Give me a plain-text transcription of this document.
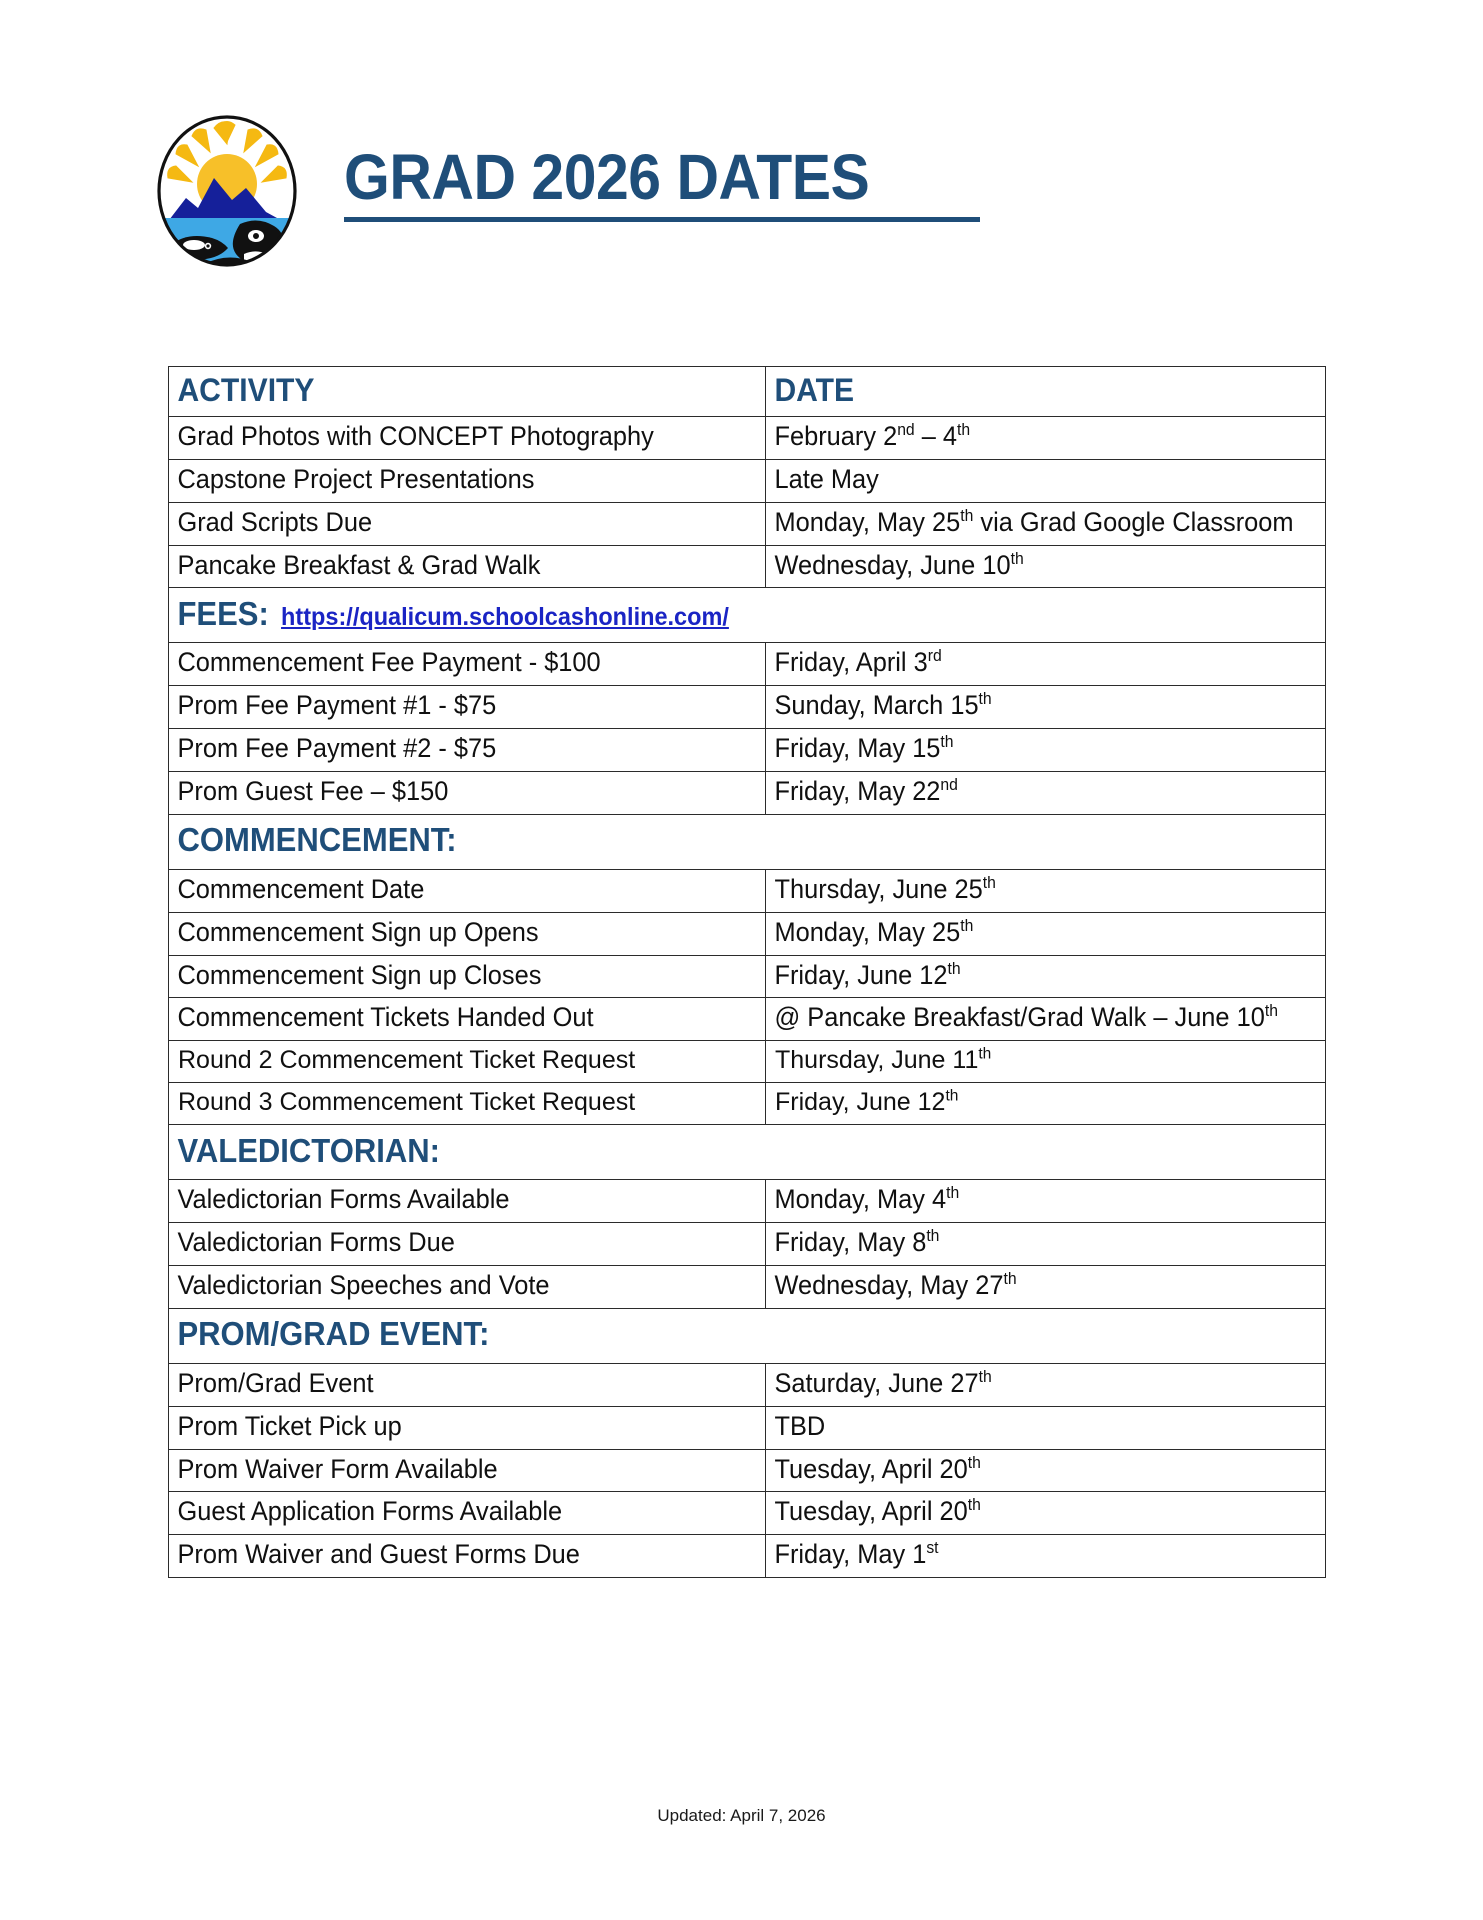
GRAD 2026 DATES
ACTIVITY	DATE

Grad Photos with CONCEPT Photography	February 2nd – 4th

Capstone Project Presentations	Late May

Grad Scripts Due	Monday, May 25th via Grad Google Classroom

Pancake Breakfast & Grad Walk	Wednesday, June 10th

FEES: https://qualicum.schoolcashonline.com/	

Commencement Fee Payment - $100	Friday, April 3rd

Prom Fee Payment #1 - $75	Sunday, March 15th

Prom Fee Payment #2 - $75	Friday, May 15th

Prom Guest Fee – $150	Friday, May 22nd

COMMENCEMENT:	

Commencement Date	Thursday, June 25th

Commencement Sign up Opens	Monday, May 25th

Commencement Sign up Closes	Friday, June 12th

Commencement Tickets Handed Out	@ Pancake Breakfast/Grad Walk – June 10th

Round 2 Commencement Ticket Request	Thursday, June 11th

Round 3 Commencement Ticket Request	Friday, June 12th

VALEDICTORIAN:	

Valedictorian Forms Available	Monday, May 4th

Valedictorian Forms Due	Friday, May 8th

Valedictorian Speeches and Vote	Wednesday, May 27th

PROM/GRAD EVENT:	

Prom/Grad Event	Saturday, June 27th

Prom Ticket Pick up	TBD

Prom Waiver Form Available	Tuesday, April 20th

Guest Application Forms Available	Tuesday, April 20th

Prom Waiver and Guest Forms Due	Friday, May 1st
Updated: April 7, 2026
